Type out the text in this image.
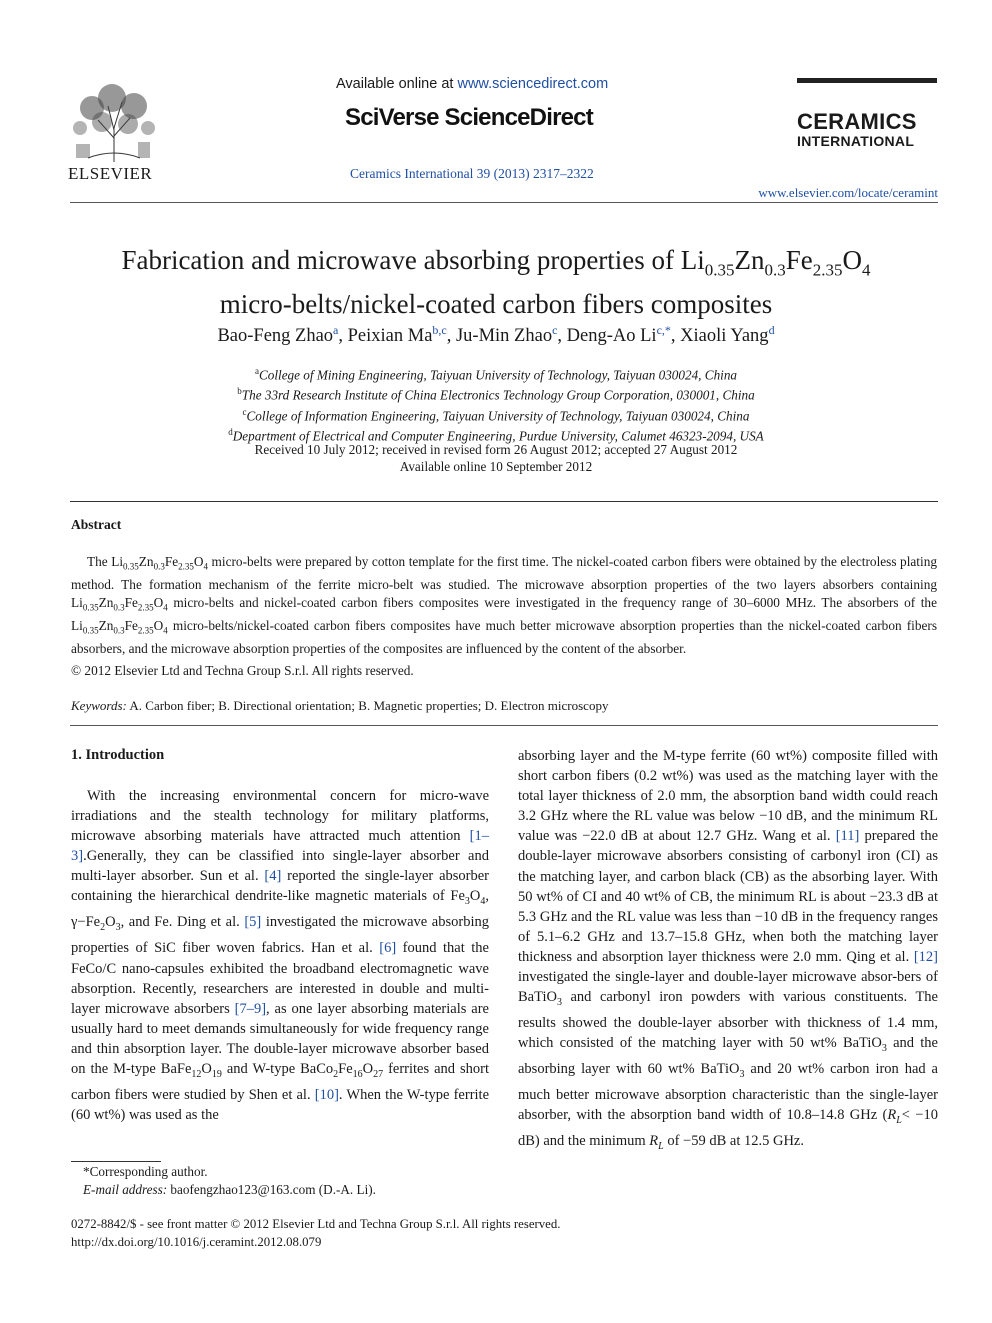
ELSEVIER
Available online at www.sciencedirect.com
SciVerse ScienceDirect
Ceramics International 39 (2013) 2317–2322
CERAMICS
INTERNATIONAL
www.elsevier.com/locate/ceramint
Fabrication and microwave absorbing properties of $Li_{0.35}Zn_{0.3}Fe_{2.35}O_4$
micro-belts/nickel-coated carbon fibers composites
Bao-Feng Zhao$^a$, Peixian Ma$^{b,c}$, Ju-Min Zhao$^c$, Deng-Ao $Li^{c,*}$, Xiaoli Yang$^d$
$^a$College of Mining Engineering, Taiyuan University of Technology, Taiyuan 030024, China
$^b$The 33rd Research Institute of China Electronics Technology Group Corporation, 030001, China
$^c$College of Information Engineering, Taiyuan University of Technology, Taiyuan 030024, China
$^d$Department of Electrical and Computer Engineering, Purdue University, Calumet 46323-2094, USA
Received 10 July 2012; received in revised form 26 August 2012; accepted 27 August 2012
Available online 10 September 2012
Abstract

The $Li_{0.35}Zn_{0.3}Fe_{2.35}O_4$ micro-belts were prepared by cotton template for the first time. The nickel-coated carbon fibers were obtained by the electroless plating method. The formation mechanism of the ferrite micro-belt was studied. The microwave absorption properties of the two layers absorbers containing $Li_{0.35}Zn_{0.3}Fe_{2.35}O_4$ micro-belts and nickel-coated carbon fibers composites were investigated in the frequency range of 30–6000 MHz. The absorbers of the $Li_{0.35}Zn_{0.3}Fe_{2.35}O_4$ micro-belts/nickel-coated carbon fibers composites have much better microwave absorption properties than the nickel-coated carbon fibers absorbers, and the microwave absorption properties of the composites are influenced by the content of the absorber.

© 2012 Elsevier Ltd and Techna Group S.r.l. All rights reserved.
Keywords: A. Carbon fiber; B. Directional orientation; B. Magnetic properties; D. Electron microscopy
1. Introduction

With the increasing environmental concern for micro-wave irradiations and the stealth technology for military platforms, microwave absorbing materials have attracted much attention [1–3].Generally, they can be classified into single-layer absorber and multi-layer absorber. Sun et al. [4] reported the single-layer absorber containing the hierarchical dendrite-like magnetic materials of $Fe_3O_4$, $\gamma-Fe_2O_3$, and Fe. Ding et al. [5] investigated the microwave absorbing properties of SiC fiber woven fabrics. Han et al. [6] found that the FeCo/C nano-capsules exhibited the broadband electromagnetic wave absorption. Recently, researchers are interested in double and multi-layer microwave absorbers [7–9], as one layer absorbing materials are usually hard to meet demands simultaneously for wide frequency range and thin absorption layer. The double-layer microwave absorber based on the M-type $BaFe_{12}O_{19}$ and W-type $BaCo_2Fe_{16}O_{27}$ ferrites and short carbon fibers were studied by Shen et al. [10]. When the W-type ferrite (60 wt%) was used as the

absorbing layer and the M-type ferrite (60 wt%) composite filled with short carbon fibers (0.2 wt%) was used as the matching layer with the total layer thickness of 2.0 mm, the absorption band width could reach 3.2 GHz where the RL value was below −10 dB, and the minimum RL value was −22.0 dB at about 12.7 GHz. Wang et al. [11] prepared the double-layer microwave absorbers consisting of carbonyl iron (CI) as the matching layer, and carbon black (CB) as the absorbing layer. With 50 wt% of CI and 40 wt% of CB, the minimum RL is about −23.3 dB at 5.3 GHz and the RL value was less than −10 dB in the frequency ranges of 5.1–6.2 GHz and 13.7–15.8 GHz, when both the matching layer thickness and absorption layer thickness were 2.0 mm. Qing et al. [12] investigated the single-layer and double-layer microwave absor-bers of BaTiO$_3$ and carbonyl iron powders with various constituents. The results showed the double-layer absorber with thickness of 1.4 mm, which consisted of the matching layer with 50 wt% BaTiO$_3$ and the absorbing layer with 60 wt% BaTiO$_3$ and 20 wt% carbon iron had a much better microwave absorption characteristic than the single-layer absorber, with the absorption band width of 10.8–14.8 GHz ($R_L< -10$ dB) and the minimum $R_L$ of −59 dB at 12.5 GHz.

*Corresponding author.
E-mail address: baofengzhao123@163.com (D.-A. Li).
0272-8842/$ - see front matter © 2012 Elsevier Ltd and Techna Group S.r.l. All rights reserved.
http://dx.doi.org/10.1016/j.ceramint.2012.08.079
